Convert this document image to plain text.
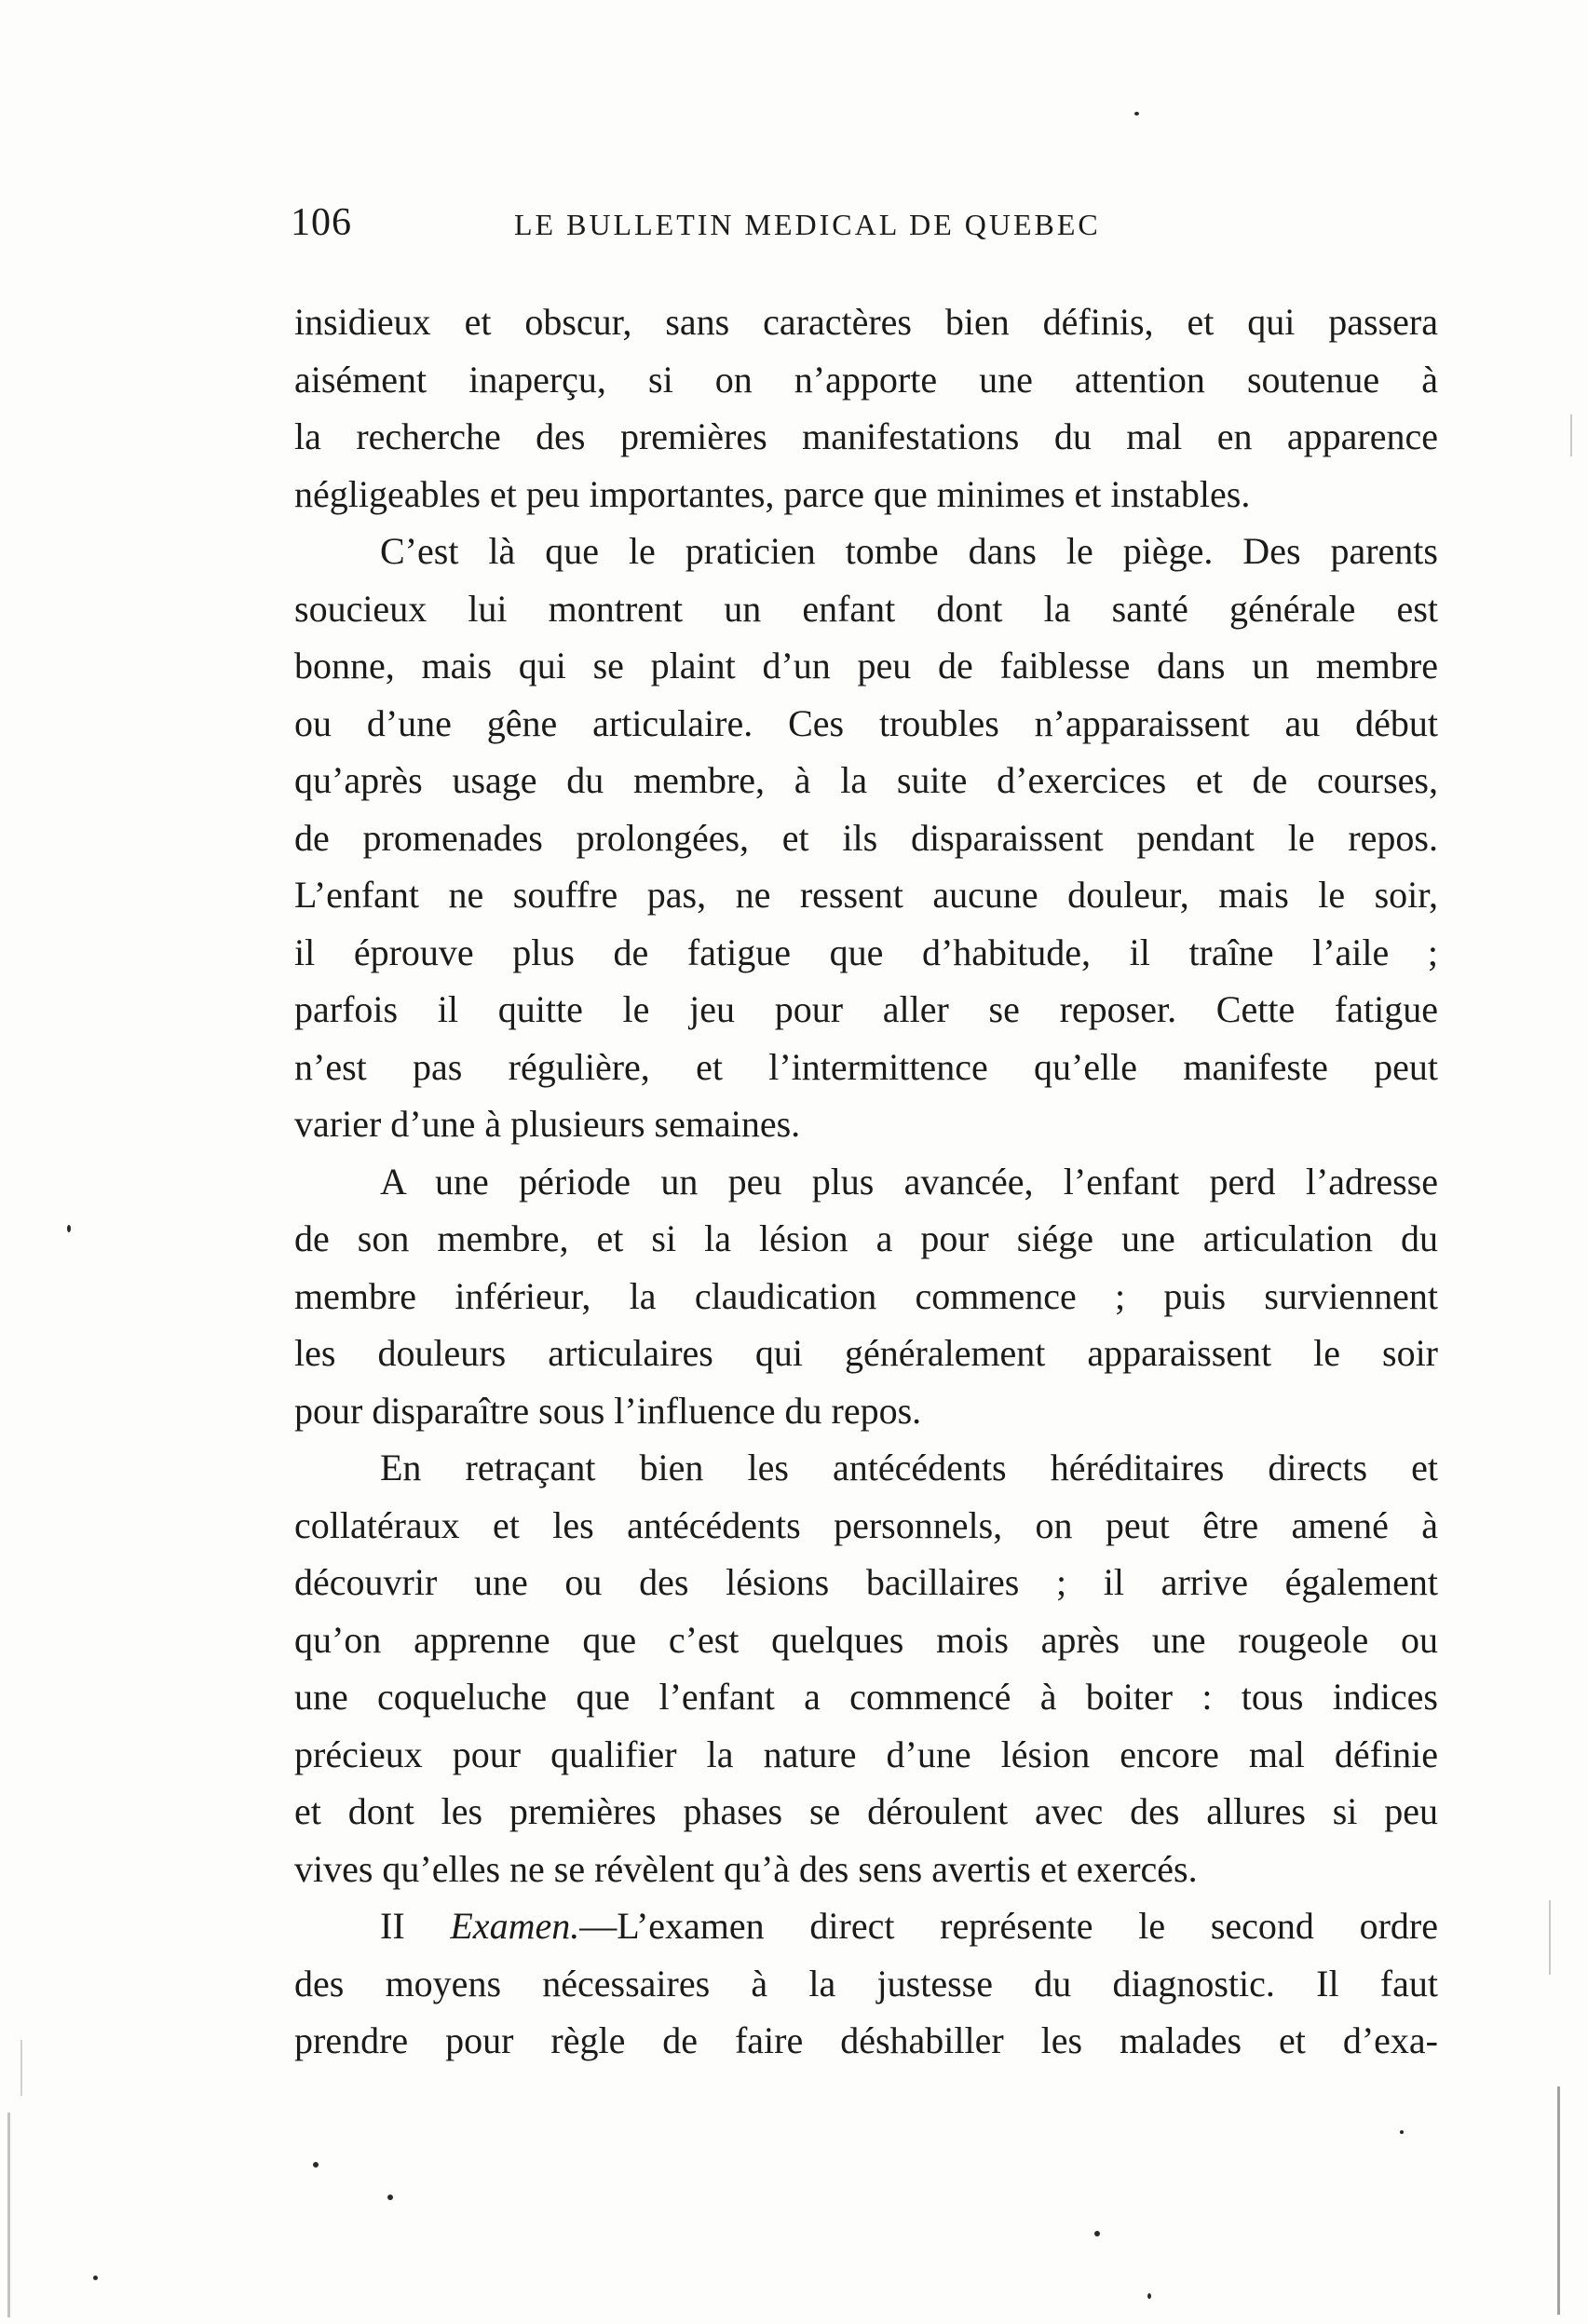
106	LE BULLETIN MEDICAL DE QUEBEC
insidieux et obscur, sans caractères bien définis, et qui passera
aisément inaperçu, si on n’apporte une attention soutenue à
la recherche des premières manifestations du mal en apparence
négligeables et peu importantes, parce que minimes et instables.
C’est là que le praticien tombe dans le piège. Des parents
soucieux lui montrent un enfant dont la santé générale est
bonne, mais qui se plaint d’un peu de faiblesse dans un membre
ou d’une gêne articulaire. Ces troubles n’apparaissent au début
qu’après usage du membre, à la suite d’exercices et de courses,
de promenades prolongées, et ils disparaissent pendant le repos.
L’enfant ne souffre pas, ne ressent aucune douleur, mais le soir,
il éprouve plus de fatigue que d’habitude, il traîne l’aile ;
parfois il quitte le jeu pour aller se reposer. Cette fatigue
n’est pas régulière, et l’intermittence qu’elle manifeste peut
varier d’une à plusieurs semaines.
A une période un peu plus avancée, l’enfant perd l’adresse
de son membre, et si la lésion a pour siége une articulation du
membre inférieur, la claudication commence ; puis surviennent
les douleurs articulaires qui généralement apparaissent le soir
pour disparaître sous l’influence du repos.
En retraçant bien les antécédents héréditaires directs et
collatéraux et les antécédents personnels, on peut être amené à
découvrir une ou des lésions bacillaires ; il arrive également
qu’on apprenne que c’est quelques mois après une rougeole ou
une coqueluche que l’enfant a commencé à boiter : tous indices
précieux pour qualifier la nature d’une lésion encore mal définie
et dont les premières phases se déroulent avec des allures si peu
vives qu’elles ne se révèlent qu’à des sens avertis et exercés.
II Examen.—L’examen direct représente le second ordre
des moyens nécessaires à la justesse du diagnostic. Il faut
prendre pour règle de faire déshabiller les malades et d’exa-
